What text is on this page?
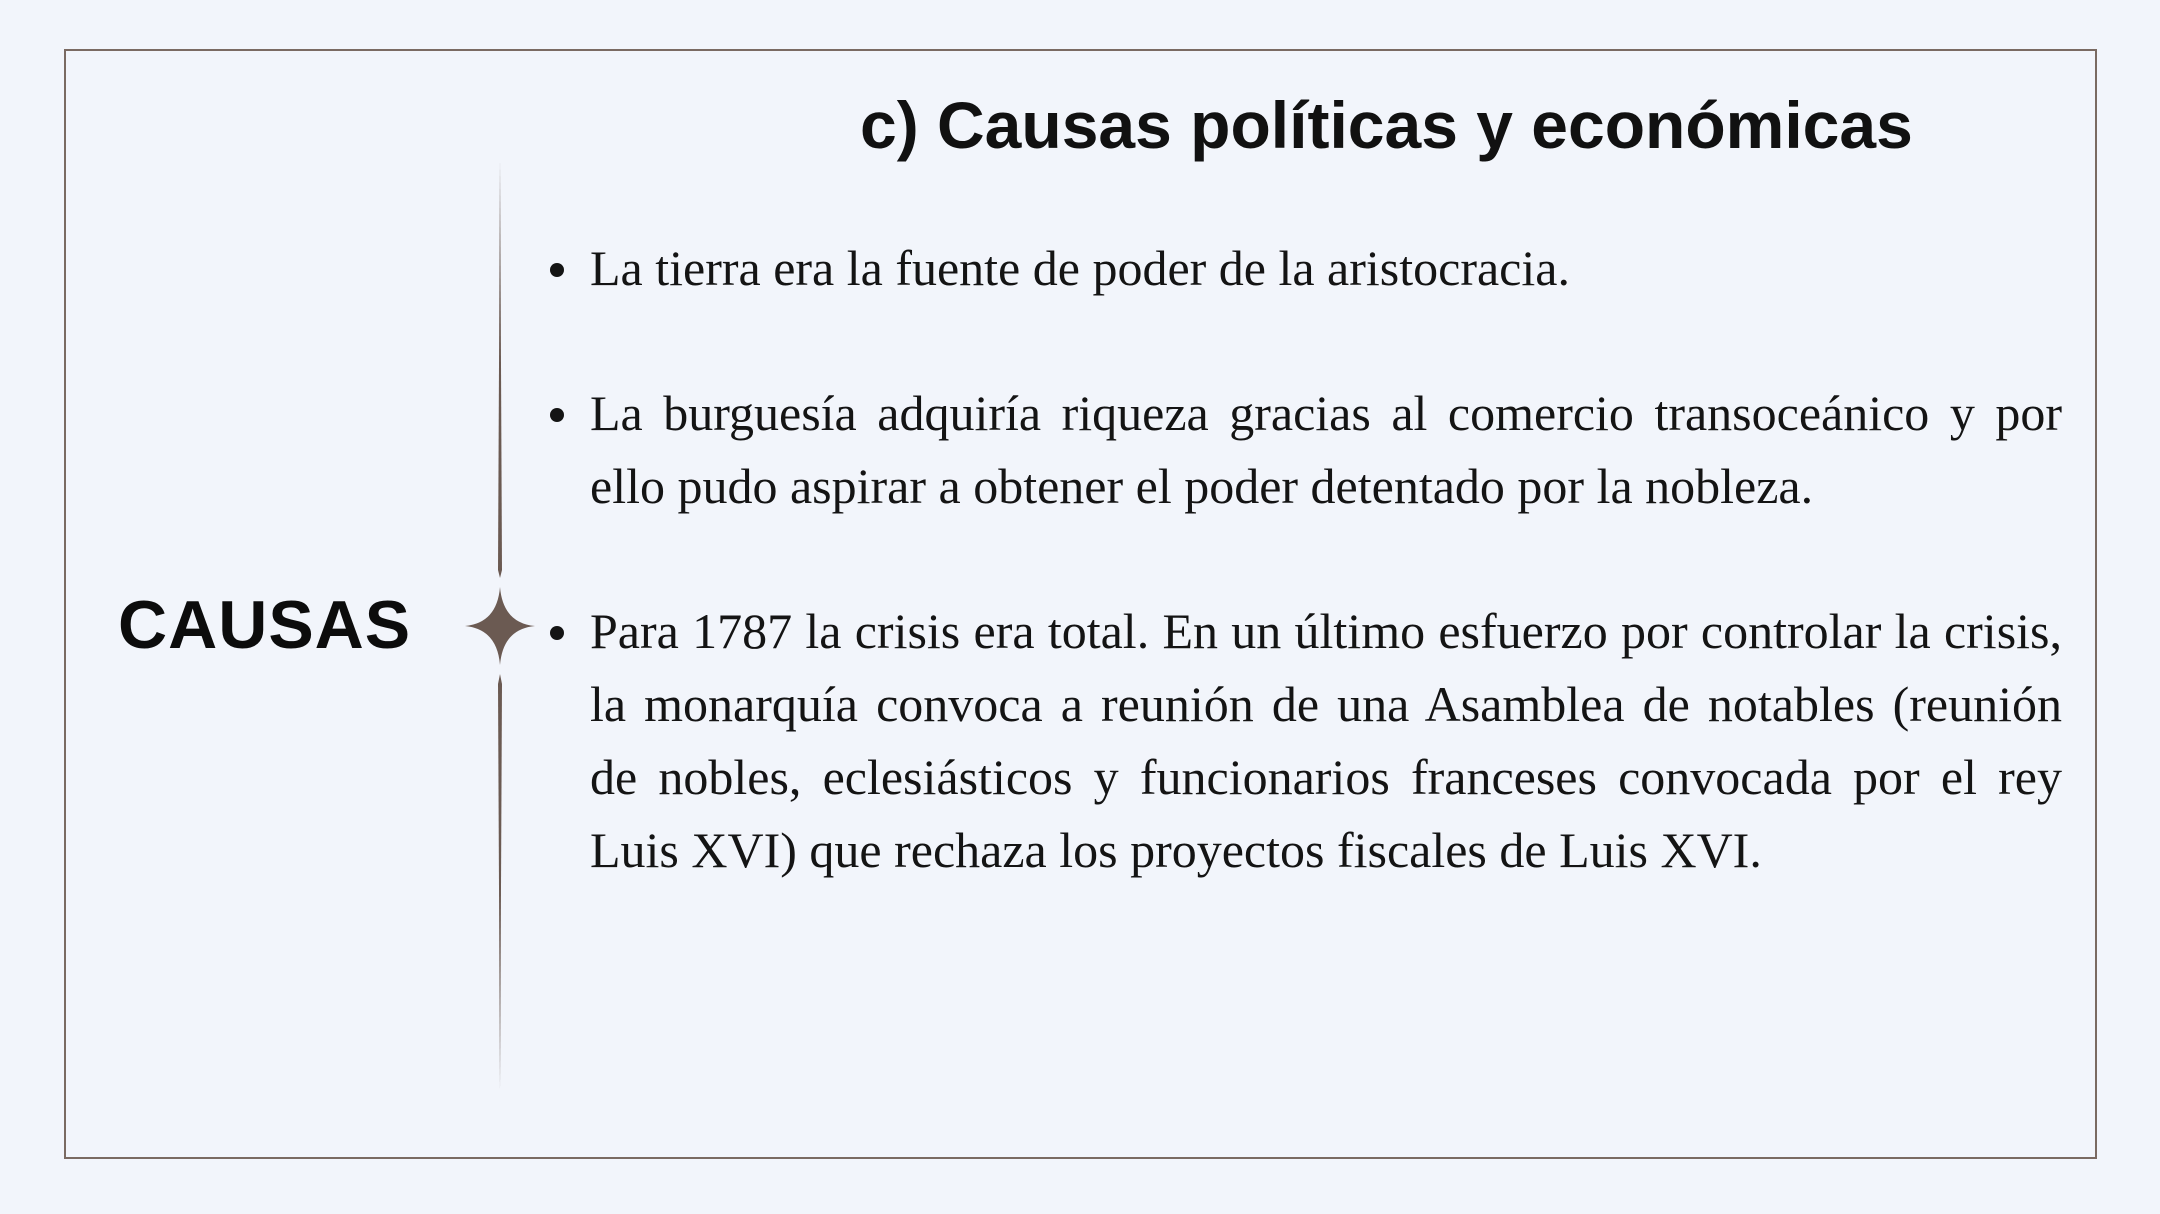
c) Causas políticas y económicas
CAUSAS
La tierra era la fuente de poder de la aristocracia.
La burguesía adquiría riqueza gracias al comercio transoceánico y por ello pudo aspirar a obtener el poder detentado por la nobleza.
Para 1787 la crisis era total. En un último esfuerzo por controlar la crisis, la monarquía convoca a reunión de una Asamblea de notables (reunión de nobles, eclesiásticos y funcionarios franceses convocada por el rey Luis XVI) que rechaza los proyectos fiscales de Luis XVI.
